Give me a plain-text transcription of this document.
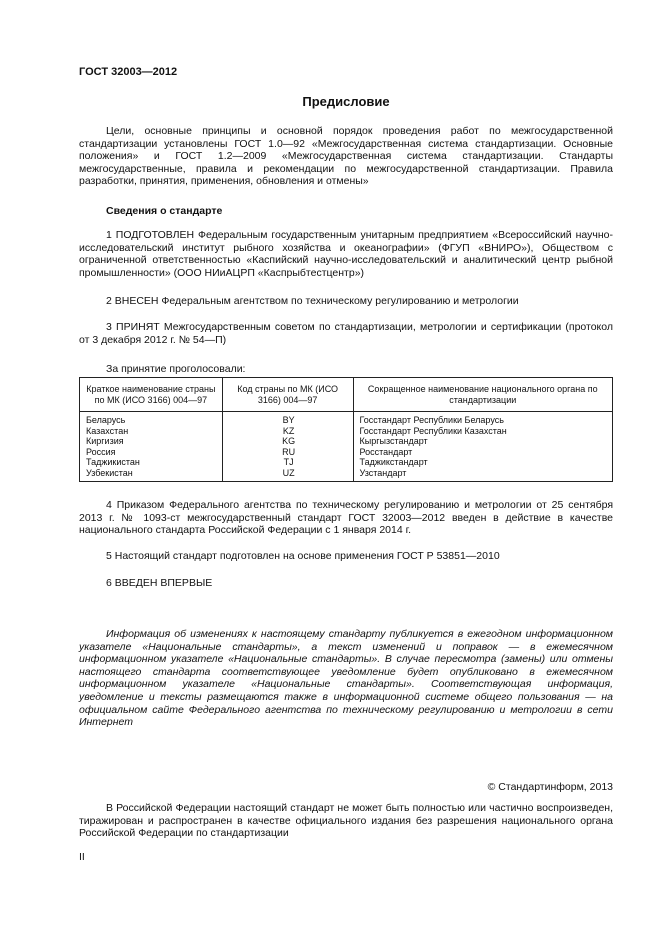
ГОСТ 32003—2012
Предисловие

Цели, основные принципы и основной порядок проведения работ по межгосударственной стандартизации установлены ГОСТ 1.0—92 «Межгосударственная система стандартизации. Основные положения» и ГОСТ 1.2—2009 «Межгосударственная система стандартизации. Стандарты межгосударственные, правила и рекомендации по межгосударственной стандартизации. Правила разработки, принятия, применения, обновления и отмены»

Сведения о стандарте

1 ПОДГОТОВЛЕН Федеральным государственным унитарным предприятием «Всероссийский научно-исследовательский институт рыбного хозяйства и океанографии» (ФГУП «ВНИРО»), Обществом с ограниченной ответственностью «Каспийский научно-исследовательский и аналитический центр рыбной промышленности» (ООО НИиАЦРП «Каспрыбтестцентр»)

2 ВНЕСЕН Федеральным агентством по техническому регулированию и метрологии

3 ПРИНЯТ Межгосударственным советом по стандартизации, метрологии и сертификации (протокол от 3 декабря 2012 г. № 54—П)

За принятие проголосовали:
Краткое наименование страны по МК (ИСО 3166) 004—97	Код страны по МК (ИСО 3166) 004—97	Сокращенное наименование национального органа по стандартизации
Беларусь	BY	Госстандарт Республики Беларусь
Казахстан	KZ	Госстандарт Республики Казахстан
Киргизия	KG	Кыргызстандарт
Россия	RU	Росстандарт
Таджикистан	TJ	Таджикстандарт
Узбекистан	UZ	Узстандарт

4 Приказом Федерального агентства по техническому регулированию и метрологии от 25 сентября 2013 г. № 1093-ст межгосударственный стандарт ГОСТ 32003—2012 введен в действие в качестве национального стандарта Российской Федерации с 1 января 2014 г.

5 Настоящий стандарт подготовлен на основе применения ГОСТ Р 53851—2010

6 ВВЕДЕН ВПЕРВЫЕ

Информация об изменениях к настоящему стандарту публикуется в ежегодном информационном указателе «Национальные стандарты», а текст изменений и поправок — в ежемесячном информационном указателе «Национальные стандарты». В случае пересмотра (замены) или отмены настоящего стандарта соответствующее уведомление будет опубликовано в ежемесячном информационном указателе «Национальные стандарты». Соответствующая информация, уведомление и тексты размещаются также в информационной системе общего пользования — на официальном сайте Федерального агентства по техническому регулированию и метрологии в сети Интернет

© Стандартинформ, 2013

В Российской Федерации настоящий стандарт не может быть полностью или частично воспроизведен, тиражирован и распространен в качестве официального издания без разрешения национального органа Российской Федерации по стандартизации

II
